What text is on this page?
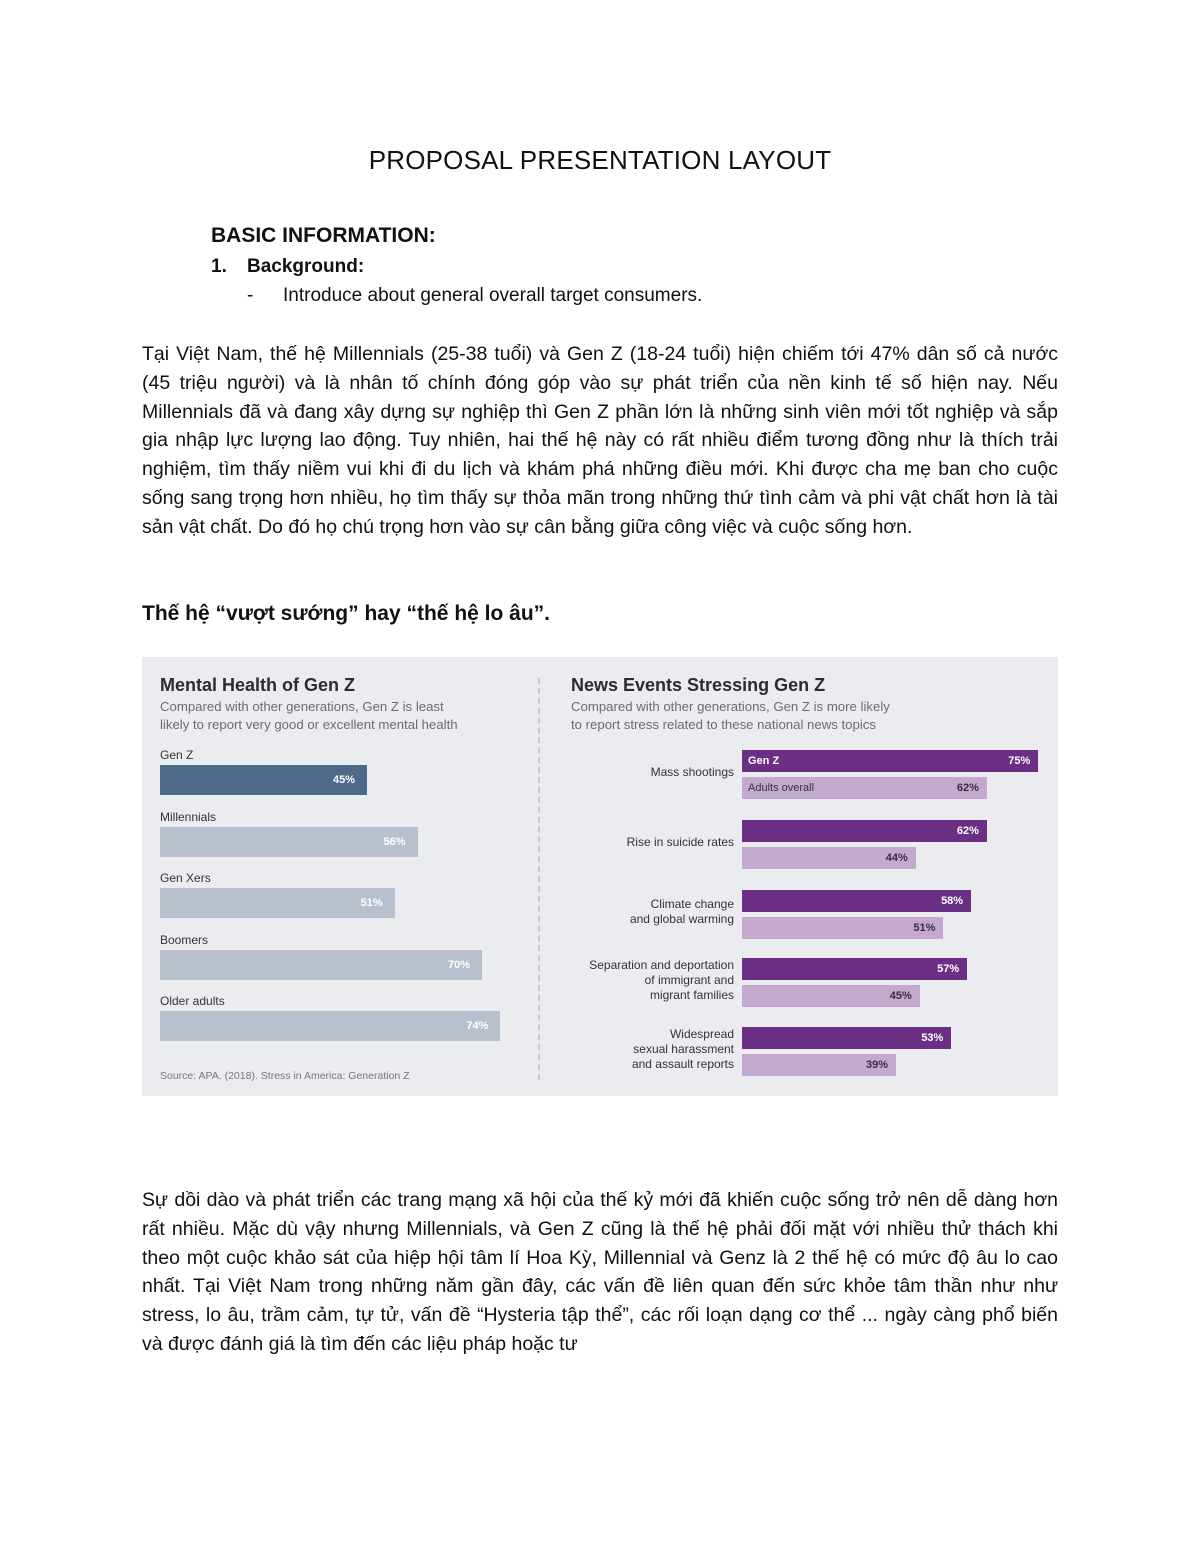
PROPOSAL PRESENTATION LAYOUT
BASIC INFORMATION:
1. Background:
- Introduce about general overall target consumers.
Tại Việt Nam, thế hệ Millennials (25-38 tuổi) và Gen Z (18-24 tuổi) hiện chiếm tới 47% dân số cả nước (45 triệu người) và là nhân tố chính đóng góp vào sự phát triển của nền kinh tế số hiện nay. Nếu Millennials đã và đang xây dựng sự nghiệp thì Gen Z phần lớn là những sinh viên mới tốt nghiệp và sắp gia nhập lực lượng lao động. Tuy nhiên, hai thế hệ này có rất nhiều điểm tương đồng như là thích trải nghiệm, tìm thấy niềm vui khi đi du lịch và khám phá những điều mới. Khi được cha mẹ ban cho cuộc sống sang trọng hơn nhiều, họ tìm thấy sự thỏa mãn trong những thứ tình cảm và phi vật chất hơn là tài sản vật chất. Do đó họ chú trọng hơn vào sự cân bằng giữa công việc và cuộc sống hơn.
Thế hệ “vượt sướng” hay “thế hệ lo âu”.
Mental Health of Gen Z
Compared with other generations, Gen Z is least
likely to report very good or excellent mental health
Source: APA. (2018). Stress in America: Generation Z
Gen Z
45%
Millennials
56%
Gen Xers
51%
Boomers
70%
Older adults
74%
News Events Stressing Gen Z
Compared with other generations, Gen Z is more likely
to report stress related to these national news topics
Mass shootings
Gen Z	75%
Adults overall	62%
Rise in suicide rates
62%
44%
Climate change
and global warming
58%
51%
Separation and deportation
of immigrant and
migrant families
57%
45%
Widespread
sexual harassment
and assault reports
53%
39%
Sự dồi dào và phát triển các trang mạng xã hội của thế kỷ mới đã khiến cuộc sống trở nên dễ dàng hơn rất nhiều. Mặc dù vậy nhưng Millennials, và Gen Z cũng là thế hệ phải đối mặt với nhiều thử thách khi theo một cuộc khảo sát của hiệp hội tâm lí Hoa Kỳ, Millennial và Genz là 2 thế hệ có mức độ âu lo cao nhất. Tại Việt Nam trong những năm gần đây, các vấn đề liên quan đến sức khỏe tâm thần như như stress, lo âu, trầm cảm, tự tử, vấn đề “Hysteria tập thể”, các rối loạn dạng cơ thể ... ngày càng phổ biến và được đánh giá là tìm đến các liệu pháp hoặc tư
